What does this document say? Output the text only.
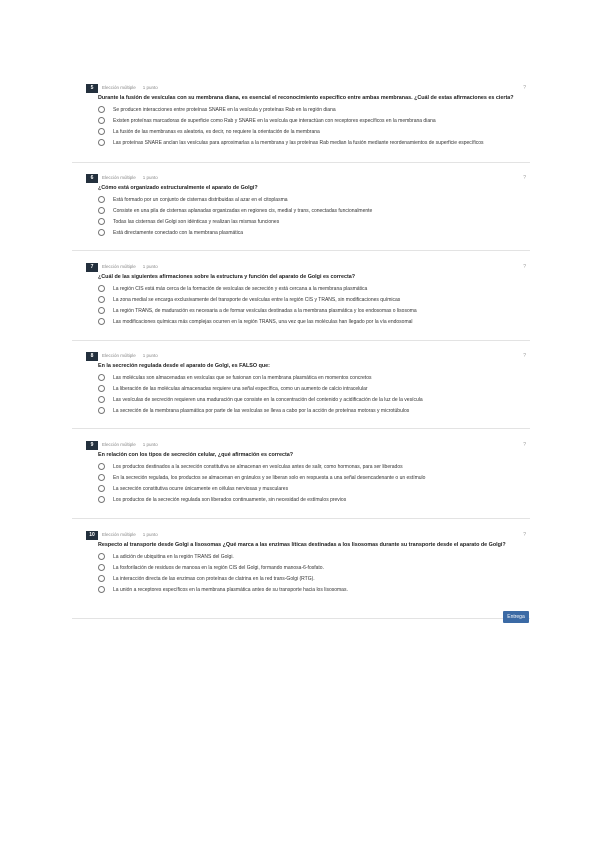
5	Elección múltiple 1 punto	?
Durante la fusión de vesículas con su membrana diana, es esencial el reconocimiento específico entre ambas membranas. ¿Cuál de estas afirmaciones es cierta?
Se producen interacciones entre proteínas SNARE en la vesícula y proteínas Rab en la región diana
Existen proteínas marcadoras de superficie como Rab y SNARE en la vesícula que interactúan con receptores específicos en la membrana diana
La fusión de las membranas es aleatoria, es decir, no requiere la orientación de la membrana
Las proteínas SNARE anclan las vesículas para aproximarlas a la membrana y las proteínas Rab median la fusión mediante reordenamientos de superficie específicos
6	Elección múltiple 1 punto	?
¿Cómo está organizado estructuralmente el aparato de Golgi?
Está formado por un conjunto de cisternas distribuidas al azar en el citoplasma
Consiste en una pila de cisternas aplanadas organizadas en regiones cis, medial y trans, conectadas funcionalmente
Todas las cisternas del Golgi son idénticas y realizan las mismas funciones
Está directamente conectado con la membrana plasmática
7	Elección múltiple 1 punto	?
¿Cuál de las siguientes afirmaciones sobre la estructura y función del aparato de Golgi es correcta?
La región CIS está más cerca de la formación de vesículas de secreción y está cercana a la membrana plasmática
La zona medial se encarga exclusivamente del transporte de vesículas entre la región CIS y TRANS, sin modificaciones químicas
La región TRANS, de maduración es necesaria a de formar vesículas destinadas a la membrana plasmática y los endosomas o lisosoma
Las modificaciones químicas más complejas ocurren en la región TRANS, una vez que las moléculas han llegado por la vía endosomal
8	Elección múltiple 1 punto	?
En la secreción regulada desde el aparato de Golgi, es FALSO que:
Las moléculas son almacenadas en vesículas que se fusionan con la membrana plasmática en momentos concretos
La liberación de las moléculas almacenadas requiere una señal específica, como un aumento de calcio intracelular
Las vesículas de secreción requieren una maduración que consiste en la concentración del contenido y acidificación de la luz de la vesícula
La secreción de la membrana plasmática por parte de las vesículas se lleva a cabo por la acción de proteínas motoras y microtúbulos
9	Elección múltiple 1 punto	?
En relación con los tipos de secreción celular, ¿qué afirmación es correcta?
Los productos destinados a la secreción constitutiva se almacenan en vesículas antes de salir, como hormonas, para ser liberados
En la secreción regulada, los productos se almacenan en gránulos y se liberan solo en respuesta a una señal desencadenante o un estímulo
La secreción constitutiva ocurre únicamente en células nerviosas y musculares
Los productos de la secreción regulada son liberados continuamente, sin necesidad de estímulos previos
10	Elección múltiple 1 punto	?
Respecto al transporte desde Golgi a lisosomas ¿Qué marca a las enzimas líticas destinadas a los lisosomas durante su transporte desde el aparato de Golgi?
La adición de ubiquitina en la región TRANS del Golgi.
La fosforilación de residuos de manosa en la región CIS del Golgi, formando manosa-6-fosfato.
La interacción directa de las enzimas con proteínas de clatrina en la red trans-Golgi (RTG).
La unión a receptores específicos en la membrana plasmática antes de su transporte hacia los lisosomas.
Entrega
